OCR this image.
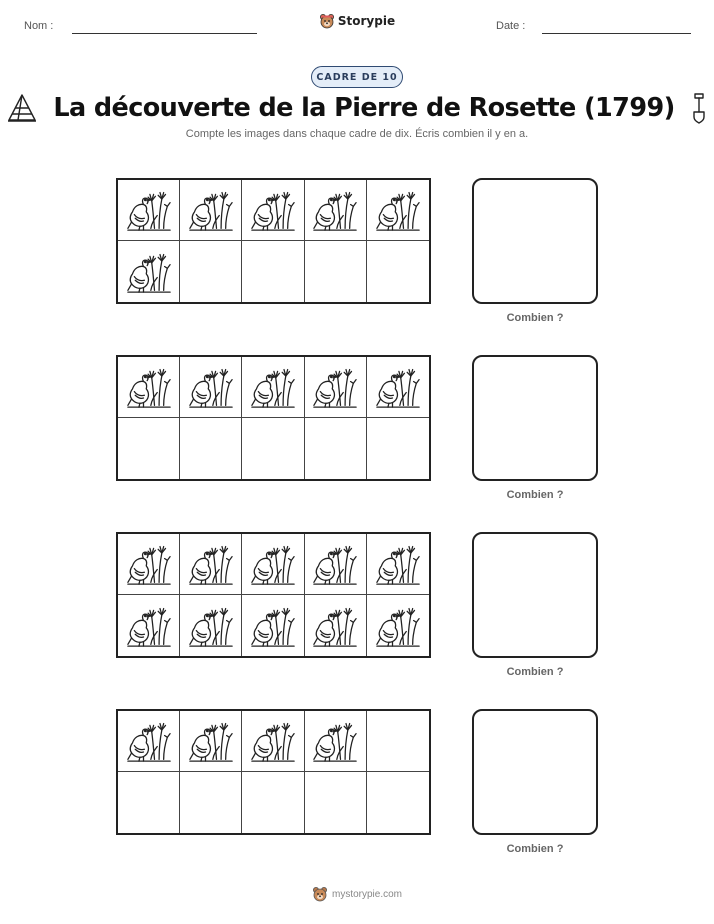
Nom :	Storypie	Date :
CADRE DE 10
La découverte de la Pierre de Rosette (1799)
Compte les images dans chaque cadre de dix. Écris combien il y en a.
Combien ?
Combien ?
Combien ?
Combien ?
mystorypie.com
